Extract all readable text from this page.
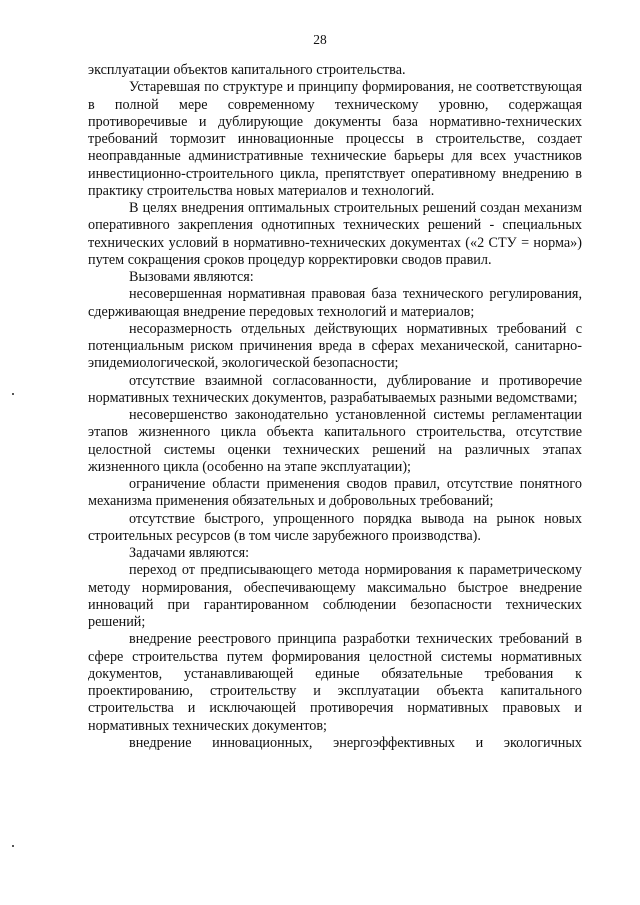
28

эксплуатации объектов капитального строительства.

Устаревшая по структуре и принципу формирования, не соответствующая в полной мере современному техническому уровню, содержащая противоречивые и дублирующие документы база нормативно-технических требований тормозит инновационные процессы в строительстве, создает неоправданные административные технические барьеры для всех участников инвестиционно-строительного цикла, препятствует оперативному внедрению в практику строительства новых материалов и технологий.

В целях внедрения оптимальных строительных решений создан механизм оперативного закрепления однотипных технических решений - специальных технических условий в нормативно-технических документах («2 СТУ = норма») путем сокращения сроков процедур корректировки сводов правил.

Вызовами являются:

несовершенная нормативная правовая база технического регулирования, сдерживающая внедрение передовых технологий и материалов;

несоразмерность отдельных действующих нормативных требований с потенциальным риском причинения вреда в сферах механической, санитарно-эпидемиологической, экологической безопасности;

отсутствие взаимной согласованности, дублирование и противоречие нормативных технических документов, разрабатываемых разными ведомствами;

несовершенство законодательно установленной системы регламентации этапов жизненного цикла объекта капитального строительства, отсутствие целостной системы оценки технических решений на различных этапах жизненного цикла (особенно на этапе эксплуатации);

ограничение области применения сводов правил, отсутствие понятного механизма применения обязательных и добровольных требований;

отсутствие быстрого, упрощенного порядка вывода на рынок новых строительных ресурсов (в том числе зарубежного производства).

Задачами являются:

переход от предписывающего метода нормирования к параметрическому методу нормирования, обеспечивающему максимально быстрое внедрение инноваций при гарантированном соблюдении безопасности технических решений;

внедрение реестрового принципа разработки технических требований в сфере строительства путем формирования целостной системы нормативных документов, устанавливающей единые обязательные требования к проектированию, строительству и эксплуатации объекта капитального строительства и исключающей противоречия нормативных правовых и нормативных технических документов;

внедрение инновационных, энергоэффективных и экологичных
